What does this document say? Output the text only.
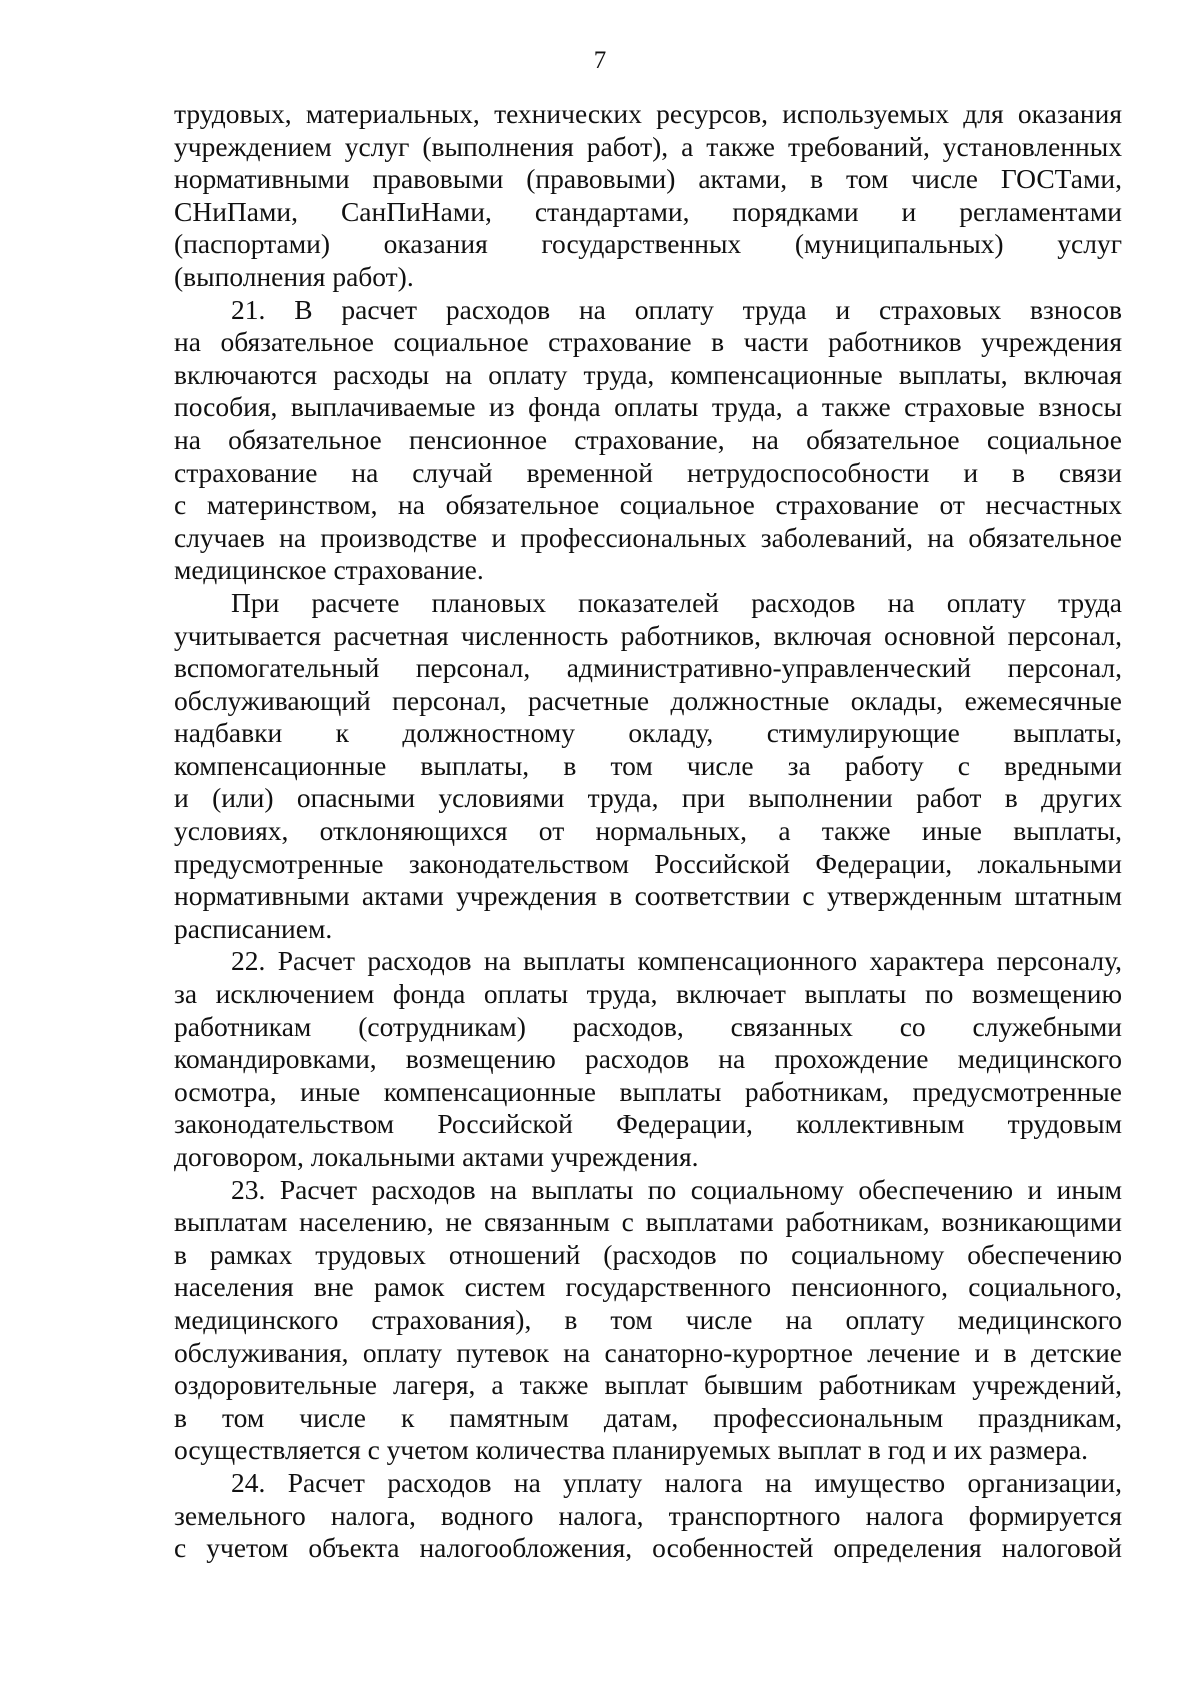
7
трудовых, материальных, технических ресурсов, используемых для оказания
учреждением услуг (выполнения работ), а также требований, установленных
нормативными правовыми (правовыми) актами, в том числе ГОСТами,
СНиПами, СанПиНами, стандартами, порядками и регламентами
(паспортами) оказания государственных (муниципальных) услуг
(выполнения работ).
21. В расчет расходов на оплату труда и страховых взносов
на обязательное социальное страхование в части работников учреждения
включаются расходы на оплату труда, компенсационные выплаты, включая
пособия, выплачиваемые из фонда оплаты труда, а также страховые взносы
на обязательное пенсионное страхование, на обязательное социальное
страхование на случай временной нетрудоспособности и в связи
с материнством, на обязательное социальное страхование от несчастных
случаев на производстве и профессиональных заболеваний, на обязательное
медицинское страхование.
При расчете плановых показателей расходов на оплату труда
учитывается расчетная численность работников, включая основной персонал,
вспомогательный персонал, административно-управленческий персонал,
обслуживающий персонал, расчетные должностные оклады, ежемесячные
надбавки к должностному окладу, стимулирующие выплаты,
компенсационные выплаты, в том числе за работу с вредными
и (или) опасными условиями труда, при выполнении работ в других
условиях, отклоняющихся от нормальных, а также иные выплаты,
предусмотренные законодательством Российской Федерации, локальными
нормативными актами учреждения в соответствии с утвержденным штатным
расписанием.
22. Расчет расходов на выплаты компенсационного характера персоналу,
за исключением фонда оплаты труда, включает выплаты по возмещению
работникам (сотрудникам) расходов, связанных со служебными
командировками, возмещению расходов на прохождение медицинского
осмотра, иные компенсационные выплаты работникам, предусмотренные
законодательством Российской Федерации, коллективным трудовым
договором, локальными актами учреждения.
23. Расчет расходов на выплаты по социальному обеспечению и иным
выплатам населению, не связанным с выплатами работникам, возникающими
в рамках трудовых отношений (расходов по социальному обеспечению
населения вне рамок систем государственного пенсионного, социального,
медицинского страхования), в том числе на оплату медицинского
обслуживания, оплату путевок на санаторно-курортное лечение и в детские
оздоровительные лагеря, а также выплат бывшим работникам учреждений,
в том числе к памятным датам, профессиональным праздникам,
осуществляется с учетом количества планируемых выплат в год и их размера.
24. Расчет расходов на уплату налога на имущество организации,
земельного налога, водного налога, транспортного налога формируется
с учетом объекта налогообложения, особенностей определения налоговой
